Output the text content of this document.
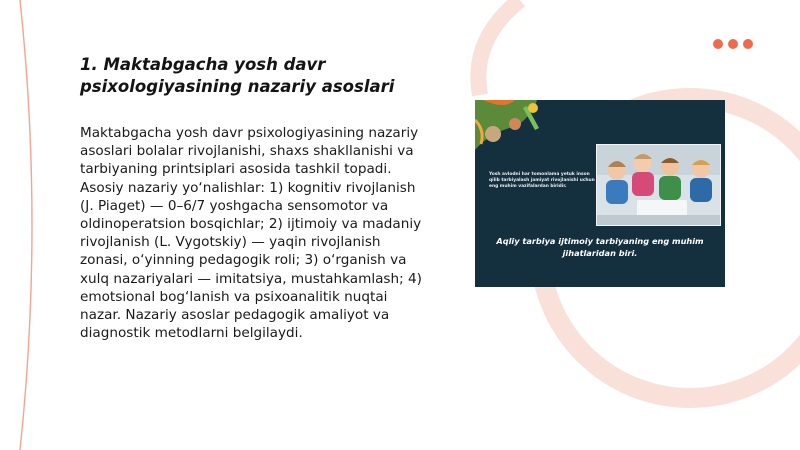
1. Maktabgacha yosh davr psixologiyasining nazariy asoslari

Maktabgacha yosh davr psixologiyasining nazariy asoslari bolalar rivojlanishi, shaxs shakllanishi va tarbiyaning printsiplari asosida tashkil topadi. Asosiy nazariy yo‘nalishlar: 1) kognitiv rivojlanish (J. Piaget) — 0–6/7 yoshgacha sensomotor va oldinoperatsion bosqichlar; 2) ijtimoiy va madaniy rivojlanish (L. Vygotskiy) — yaqin rivojlanish zonasi, o‘yinning pedagogik roli; 3) o‘rganish va xulq nazariyalari — imitatsiya, mustahkamlash; 4) emotsional bog‘lanish va psixoanalitik nuqtai nazar. Nazariy asoslar pedagogik amaliyot va diagnostik metodlarni belgilaydi.

Yosh avlodni har tomonlama yetuk inson qilib tarbiyalash jamiyat rivojlanishi uchun eng muhim vazifalardan biridir.
Aqliy tarbiya ijtimoiy tarbiyaning eng muhim jihatlaridan biri.
